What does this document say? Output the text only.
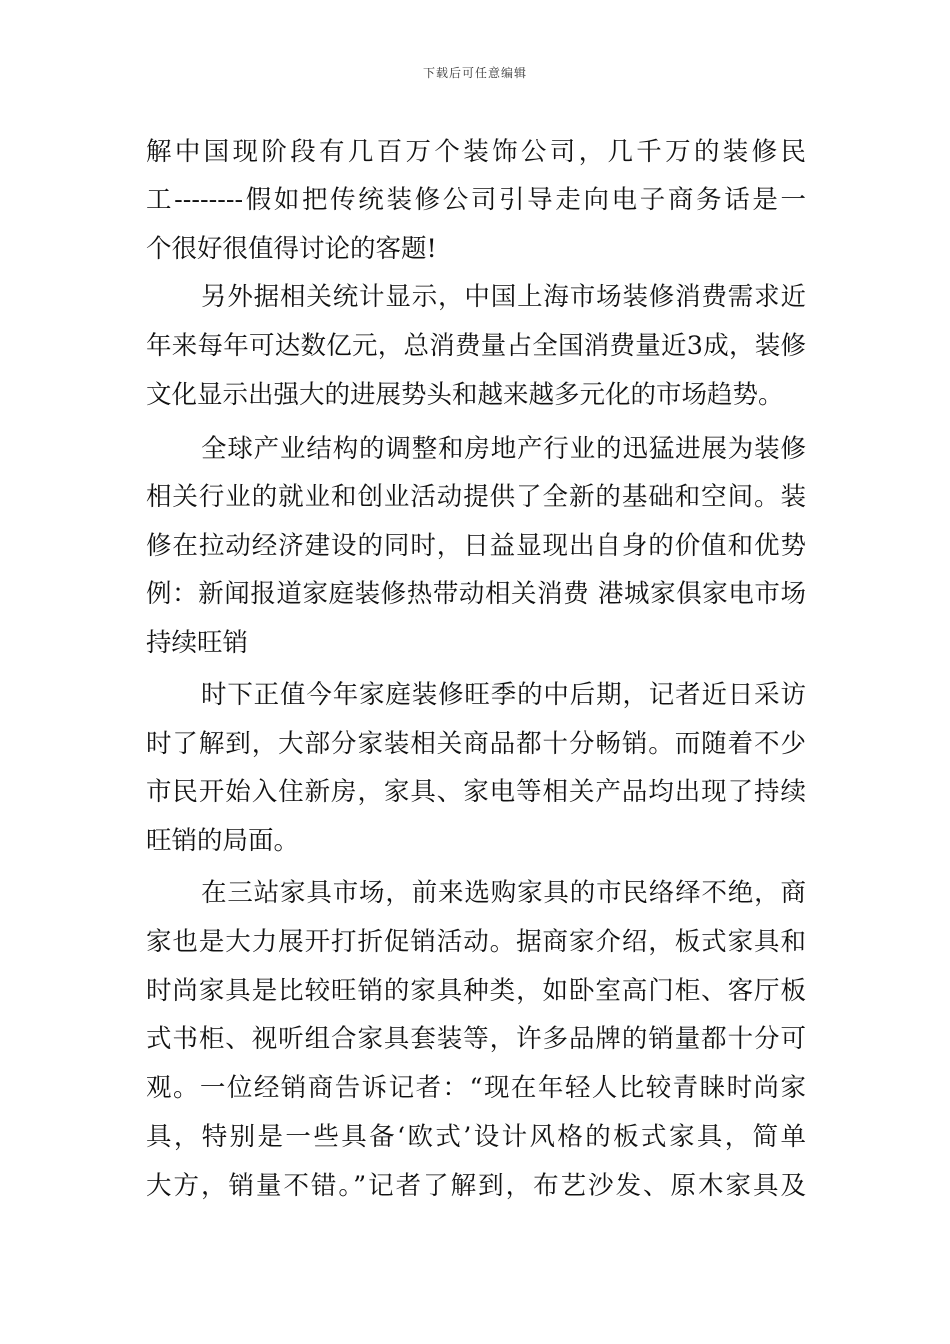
下载后可任意编辑
解中国现阶段有几百万个装饰公司，几千万的装修民
工--------假如把传统装修公司引导走向电子商务话是一
个很好很值得讨论的客题!
另外据相关统计显示，中国上海市场装修消费需求近
年来每年可达数亿元，总消费量占全国消费量近3成，装修
文化显示出强大的进展势头和越来越多元化的市场趋势。
全球产业结构的调整和房地产行业的迅猛进展为装修
相关行业的就业和创业活动提供了全新的基础和空间。装
修在拉动经济建设的同时，日益显现出自身的价值和优势
例：新闻报道家庭装修热带动相关消费 港城家俱家电市场
持续旺销
时下正值今年家庭装修旺季的中后期，记者近日采访
时了解到，大部分家装相关商品都十分畅销。而随着不少
市民开始入住新房，家具、家电等相关产品均出现了持续
旺销的局面。
在三站家具市场，前来选购家具的市民络绎不绝，商
家也是大力展开打折促销活动。据商家介绍，板式家具和
时尚家具是比较旺销的家具种类，如卧室高门柜、客厅板
式书柜、视听组合家具套装等，许多品牌的销量都十分可
观。一位经销商告诉记者：“现在年轻人比较青睐时尚家
具，特别是一些具备‘欧式’设计风格的板式家具，简单
大方，销量不错。”记者了解到，布艺沙发、原木家具及
